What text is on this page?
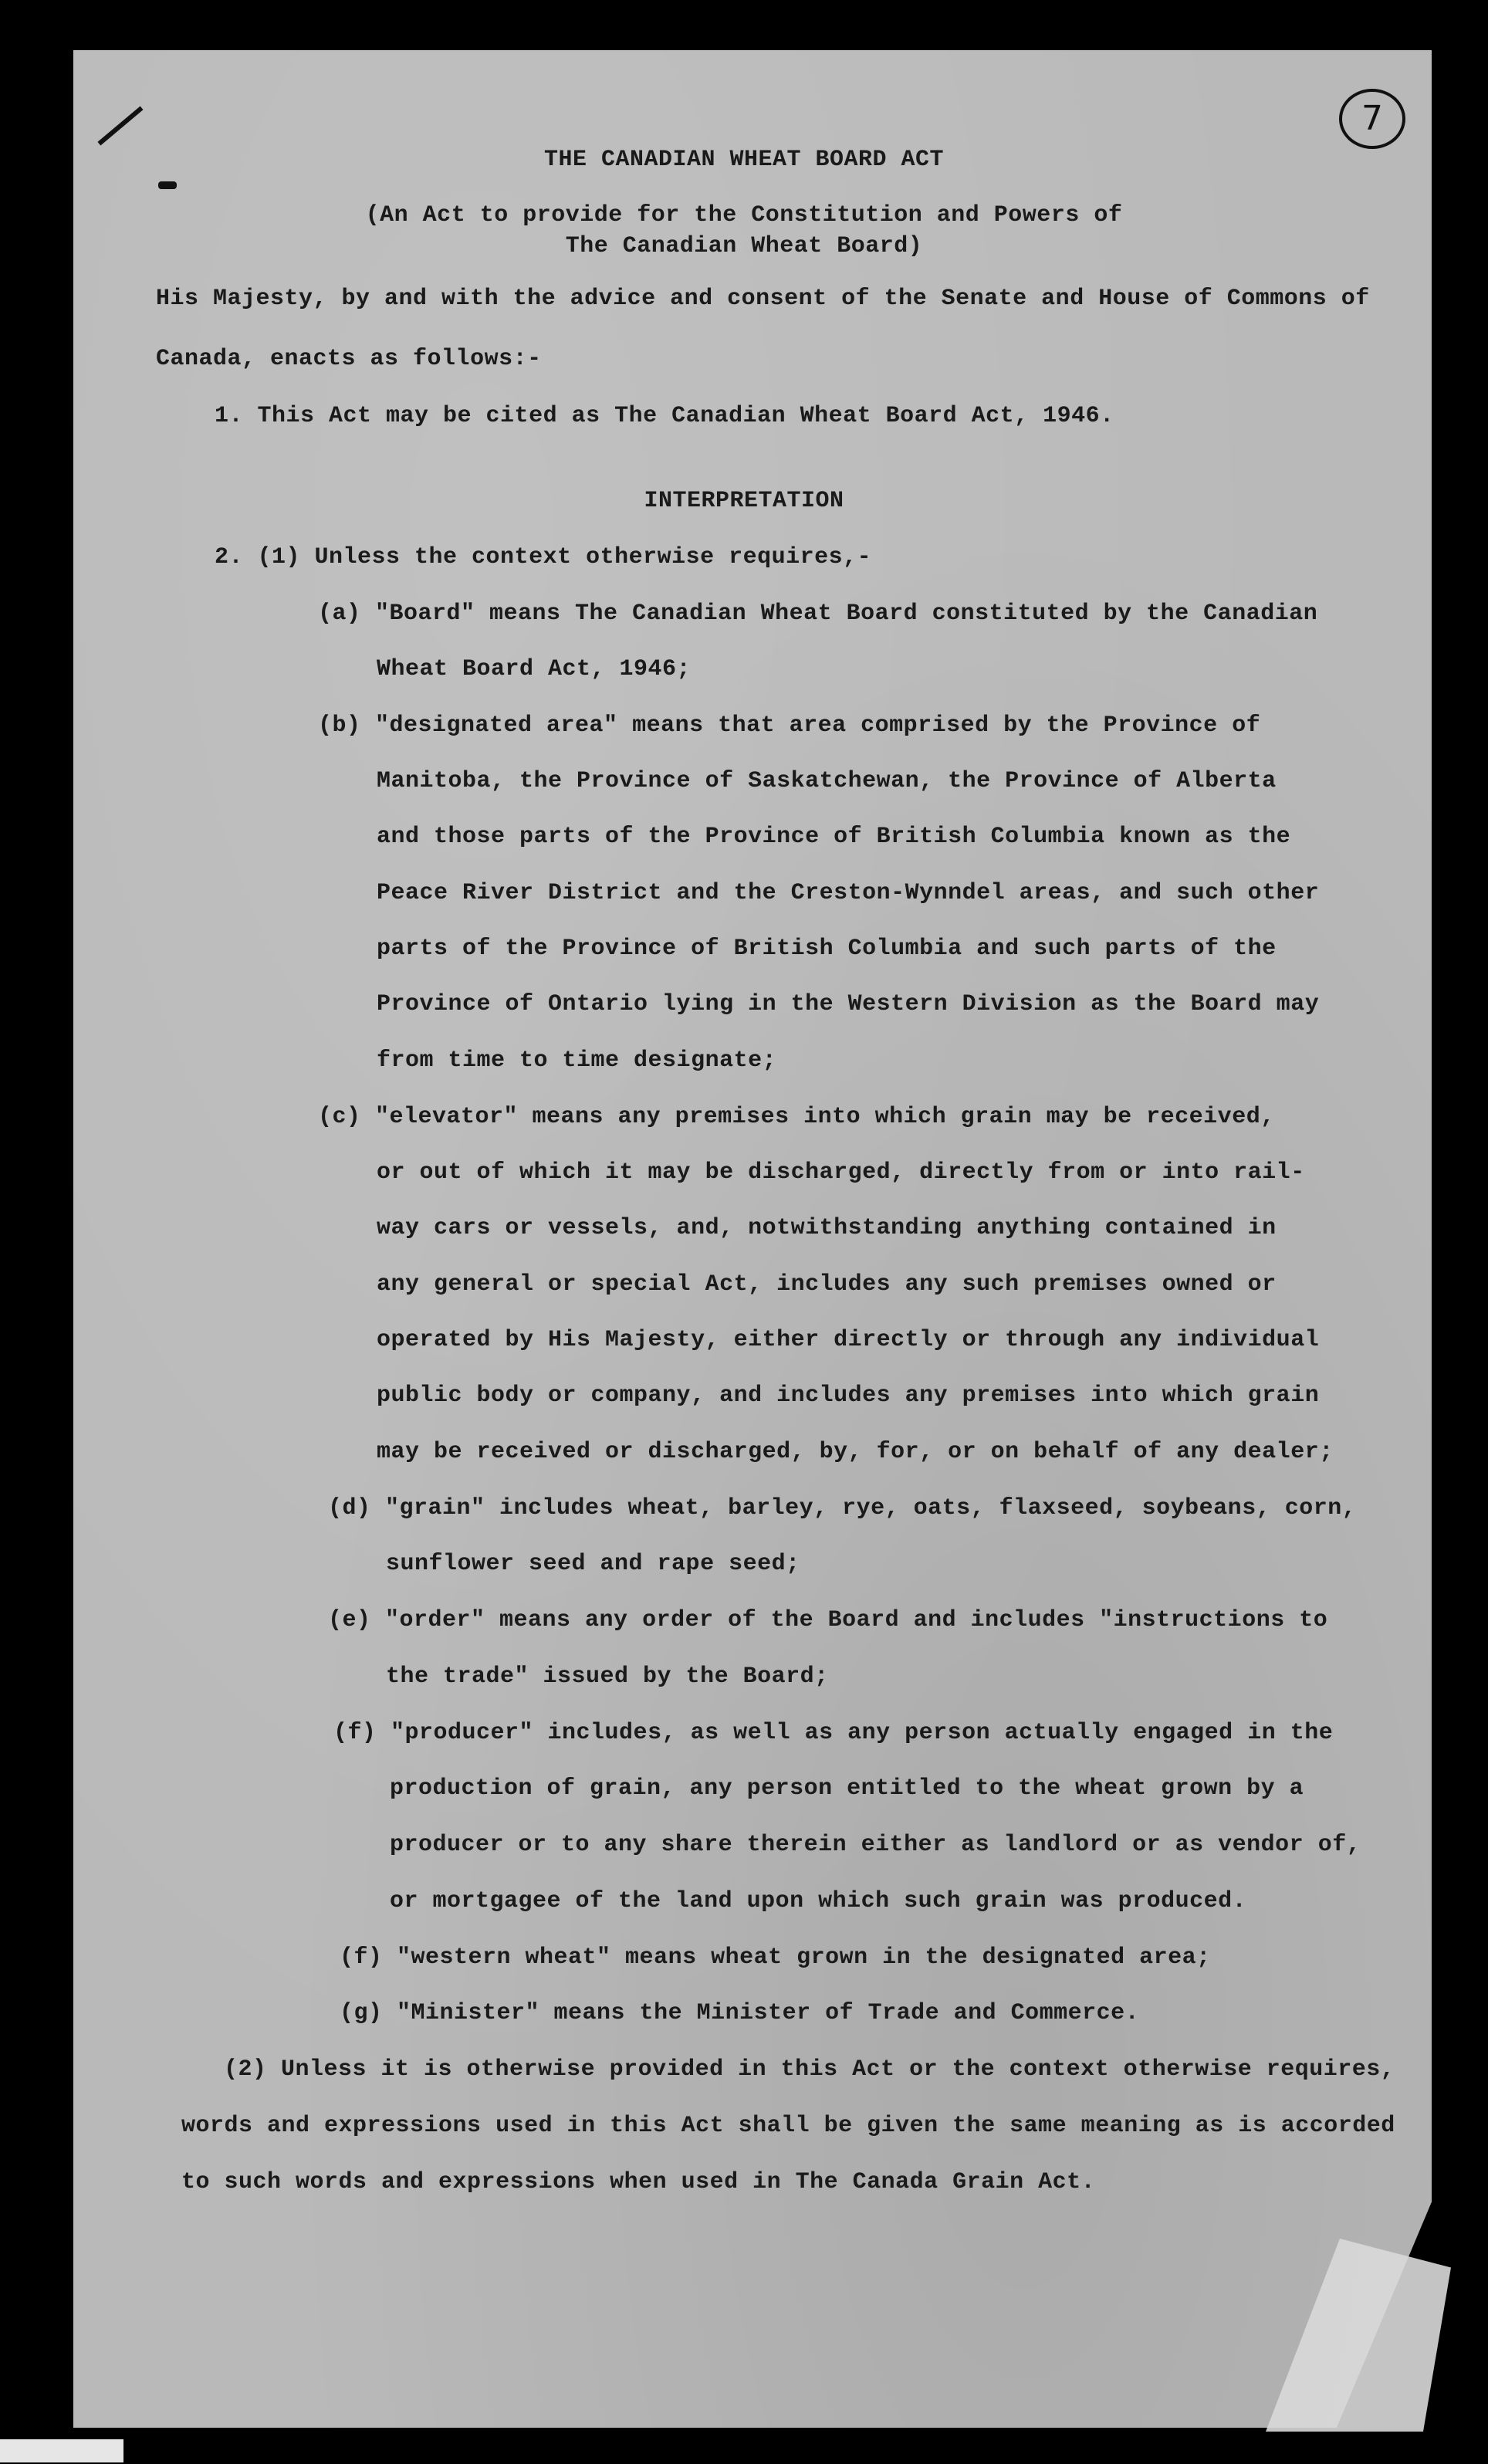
7
THE CANADIAN WHEAT BOARD ACT
(An Act to provide for the Constitution and Powers of
The Canadian Wheat Board)
His Majesty, by and with the advice and consent of the Senate and House of Commons of
Canada, enacts as follows:-
1. This Act may be cited as The Canadian Wheat Board Act, 1946.
INTERPRETATION
2. (1) Unless the context otherwise requires,-
(a) "Board" means The Canadian Wheat Board constituted by the Canadian
Wheat Board Act, 1946;
(b) "designated area" means that area comprised by the Province of
Manitoba, the Province of Saskatchewan, the Province of Alberta
and those parts of the Province of British Columbia known as the
Peace River District and the Creston-Wynndel areas, and such other
parts of the Province of British Columbia and such parts of the
Province of Ontario lying in the Western Division as the Board may
from time to time designate;
(c) "elevator" means any premises into which grain may be received,
or out of which it may be discharged, directly from or into rail-
way cars or vessels, and, notwithstanding anything contained in
any general or special Act, includes any such premises owned or
operated by His Majesty, either directly or through any individual
public body or company, and includes any premises into which grain
may be received or discharged, by, for, or on behalf of any dealer;
(d) "grain" includes wheat, barley, rye, oats, flaxseed, soybeans, corn,
sunflower seed and rape seed;
(e) "order" means any order of the Board and includes "instructions to
the trade" issued by the Board;
(f) "producer" includes, as well as any person actually engaged in the
production of grain, any person entitled to the wheat grown by a
producer or to any share therein either as landlord or as vendor of,
or mortgagee of the land upon which such grain was produced.
(f) "western wheat" means wheat grown in the designated area;
(g) "Minister" means the Minister of Trade and Commerce.
(2) Unless it is otherwise provided in this Act or the context otherwise requires,
words and expressions used in this Act shall be given the same meaning as is accorded
to such words and expressions when used in The Canada Grain Act.
